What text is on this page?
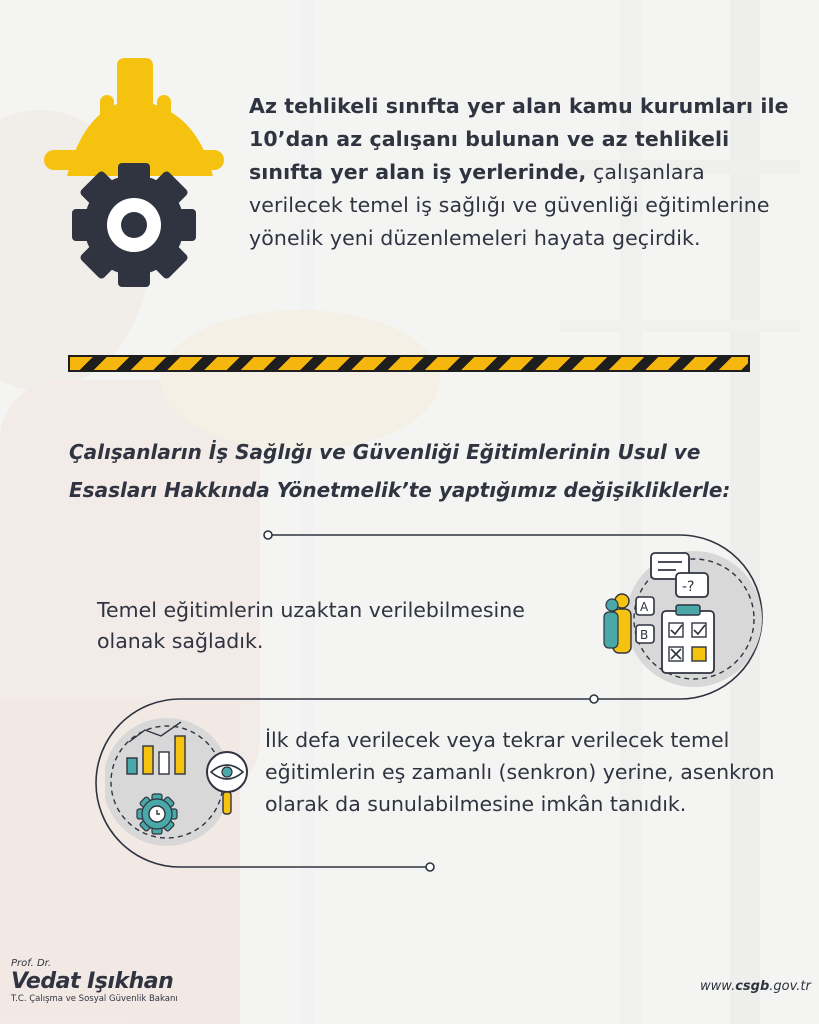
Az tehlikeli sınıfta yer alan kamu kurumları ile 10’dan az çalışanı bulunan ve az tehlikeli sınıfta yer alan iş yerlerinde, çalışanlara verilecek temel iş sağlığı ve güvenliği eğitimlerine yönelik yeni düzenlemeleri hayata geçirdik.
Çalışanların İş Sağlığı ve Güvenliği Eğitimlerinin Usul ve Esasları Hakkında Yönetmelik’te yaptığımız değişikliklerle:
Temel eğitimlerin uzaktan verilebilmesine olanak sağladık.
-?
A
B
İlk defa verilecek veya tekrar verilecek temel eğitimlerin eş zamanlı (senkron) yerine, asenkron olarak da sunulabilmesine imkân tanıdık.
Prof. Dr.
Vedat Işıkhan
T.C. Çalışma ve Sosyal Güvenlik Bakanı
www.csgb.gov.tr
